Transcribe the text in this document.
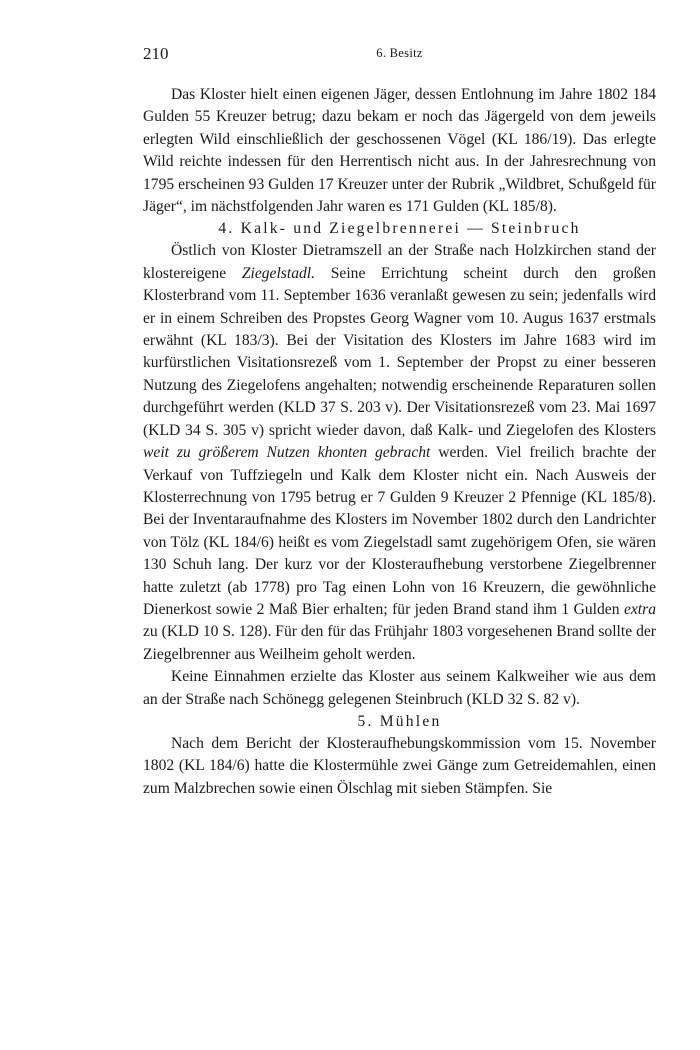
210	6. Besitz

Das Kloster hielt einen eigenen Jäger, dessen Entlohnung im Jahre 1802 184 Gulden 55 Kreuzer betrug; dazu bekam er noch das Jägergeld von dem jeweils erlegten Wild einschließlich der geschossenen Vögel (KL 186/19). Das erlegte Wild reichte indessen für den Herrentisch nicht aus. In der Jahresrechnung von 1795 erscheinen 93 Gulden 17 Kreuzer unter der Rubrik „Wildbret, Schußgeld für Jäger“, im nächstfolgenden Jahr waren es 171 Gulden (KL 185/8).

4. Kalk- und Ziegelbrennerei — Steinbruch

Östlich von Kloster Dietramszell an der Straße nach Holzkirchen stand der klostereigene Ziegelstadl. Seine Errichtung scheint durch den großen Klosterbrand vom 11. September 1636 veranlaßt gewesen zu sein; jedenfalls wird er in einem Schreiben des Propstes Georg Wagner vom 10. Augus 1637 erstmals erwähnt (KL 183/3). Bei der Visitation des Klosters im Jahre 1683 wird im kurfürstlichen Visitationsrezeß vom 1. September der Propst zu einer besseren Nutzung des Ziegelofens angehalten; notwendig erscheinende Reparaturen sollen durchgeführt werden (KLD 37 S. 203 v). Der Visitationsrezeß vom 23. Mai 1697 (KLD 34 S. 305 v) spricht wieder davon, daß Kalk- und Ziegelofen des Klosters weit zu größerem Nutzen khonten gebracht werden. Viel freilich brachte der Verkauf von Tuffziegeln und Kalk dem Kloster nicht ein. Nach Ausweis der Klosterrechnung von 1795 betrug er 7 Gulden 9 Kreuzer 2 Pfennige (KL 185/8). Bei der Inventaraufnahme des Klosters im November 1802 durch den Landrichter von Tölz (KL 184/6) heißt es vom Ziegelstadl samt zugehörigem Ofen, sie wären 130 Schuh lang. Der kurz vor der Klosteraufhebung verstorbene Ziegelbrenner hatte zuletzt (ab 1778) pro Tag einen Lohn von 16 Kreuzern, die gewöhnliche Dienerkost sowie 2 Maß Bier erhalten; für jeden Brand stand ihm 1 Gulden extra zu (KLD 10 S. 128). Für den für das Frühjahr 1803 vorgesehenen Brand sollte der Ziegelbrenner aus Weilheim geholt werden.

Keine Einnahmen erzielte das Kloster aus seinem Kalkweiher wie aus dem an der Straße nach Schönegg gelegenen Steinbruch (KLD 32 S. 82 v).

5. Mühlen

Nach dem Bericht der Klosteraufhebungskommission vom 15. November 1802 (KL 184/6) hatte die Klostermühle zwei Gänge zum Getreidemahlen, einen zum Malzbrechen sowie einen Ölschlag mit sieben Stämpfen. Sie
